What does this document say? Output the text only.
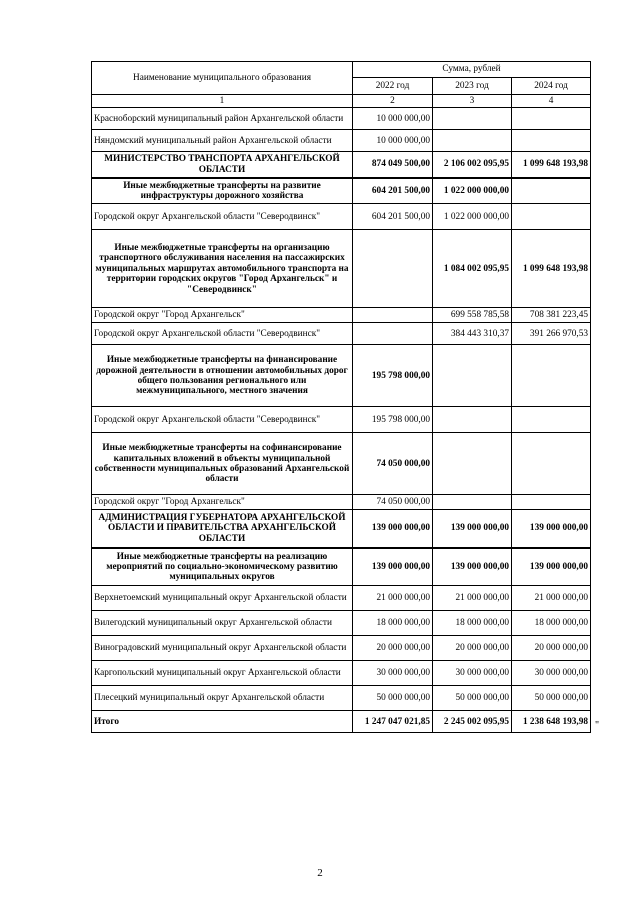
Наименование муниципального образования	Сумма, рублей		
	2022 год	2023 год	2024 год
1	2	3	4
Красноборский муниципальный район Архангельской области	10 000 000,00		
Няндомский муниципальный район Архангельской области	10 000 000,00		
МИНИСТЕРСТВО ТРАНСПОРТА АРХАНГЕЛЬСКОЙ ОБЛАСТИ	874 049 500,00	2 106 002 095,95	1 099 648 193,98
Иные межбюджетные трансферты на развитие инфраструктуры дорожного хозяйства	604 201 500,00	1 022 000 000,00	
Городской округ Архангельской области "Северодвинск"	604 201 500,00	1 022 000 000,00	
Иные межбюджетные трансферты на организацию транспортного обслуживания населения на пассажирских муниципальных маршрутах автомобильного транспорта на территории городских округов "Город Архангельск" и "Северодвинск"		1 084 002 095,95	1 099 648 193,98
Городской округ "Город Архангельск"		699 558 785,58	708 381 223,45
Городской округ Архангельской области "Северодвинск"		384 443 310,37	391 266 970,53
Иные межбюджетные трансферты на финансирование дорожной деятельности в отношении автомобильных дорог общего пользования регионального или межмуниципального, местного значения	195 798 000,00		
Городской округ Архангельской области "Северодвинск"	195 798 000,00		
Иные межбюджетные трансферты на софинансирование капитальных вложений в объекты муниципальной собственности муниципальных образований Архангельской области	74 050 000,00		
Городской округ "Город Архангельск"	74 050 000,00		
АДМИНИСТРАЦИЯ ГУБЕРНАТОРА АРХАНГЕЛЬСКОЙ ОБЛАСТИ И ПРАВИТЕЛЬСТВА АРХАНГЕЛЬСКОЙ ОБЛАСТИ	139 000 000,00	139 000 000,00	139 000 000,00
Иные межбюджетные трансферты на реализацию мероприятий по социально-экономическому развитию муниципальных округов	139 000 000,00	139 000 000,00	139 000 000,00
Верхнетоемский муниципальный округ Архангельской области	21 000 000,00	21 000 000,00	21 000 000,00
Вилегодский муниципальный округ Архангельской области	18 000 000,00	18 000 000,00	18 000 000,00
Виноградовский муниципальный округ Архангельской области	20 000 000,00	20 000 000,00	20 000 000,00
Каргопольский муниципальный округ Архангельской области	30 000 000,00	30 000 000,00	30 000 000,00
Плесецкий муниципальный округ Архангельской области	50 000 000,00	50 000 000,00	50 000 000,00
Итого	1 247 047 021,85	2 245 002 095,95	1 238 648 193,98 "
2
